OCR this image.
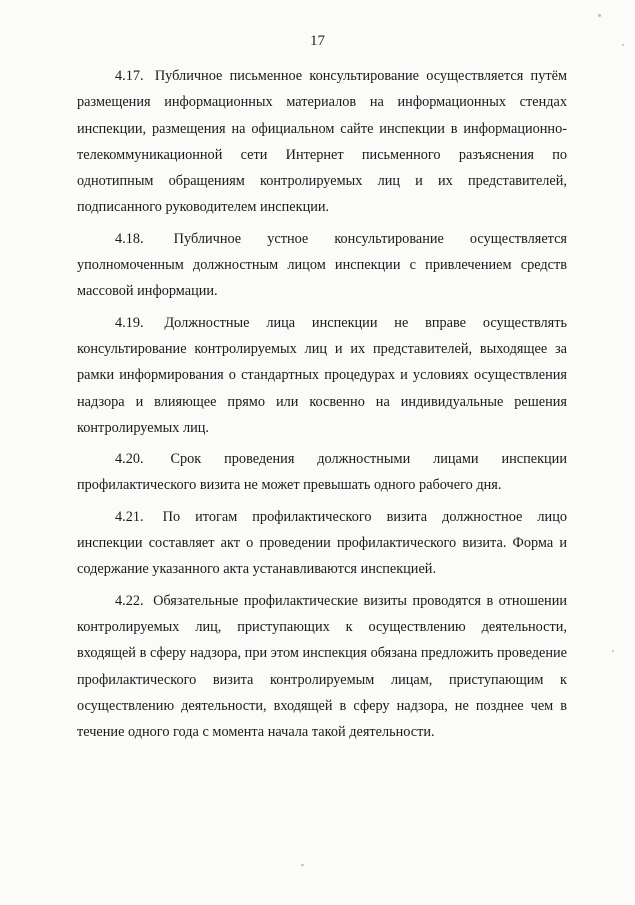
17

4.17. Публичное письменное консультирование осуществляется путём размещения информационных материалов на информационных стендах инспекции, размещения на официальном сайте инспекции в информационно-телекоммуникационной сети Интернет письменного разъяснения по однотипным обращениям контролируемых лиц и их представителей, подписанного руководителем инспекции.

4.18. Публичное устное консультирование осуществляется уполномоченным должностным лицом инспекции с привлечением средств массовой информации.

4.19. Должностные лица инспекции не вправе осуществлять консультирование контролируемых лиц и их представителей, выходящее за рамки информирования о стандартных процедурах и условиях осуществления надзора и влияющее прямо или косвенно на индивидуальные решения контролируемых лиц.

4.20. Срок проведения должностными лицами инспекции профилактического визита не может превышать одного рабочего дня.

4.21. По итогам профилактического визита должностное лицо инспекции составляет акт о проведении профилактического визита. Форма и содержание указанного акта устанавливаются инспекцией.

4.22. Обязательные профилактические визиты проводятся в отношении контролируемых лиц, приступающих к осуществлению деятельности, входящей в сферу надзора, при этом инспекция обязана предложить проведение профилактического визита контролируемым лицам, приступающим к осуществлению деятельности, входящей в сферу надзора, не позднее чем в течение одного года с момента начала такой деятельности.
